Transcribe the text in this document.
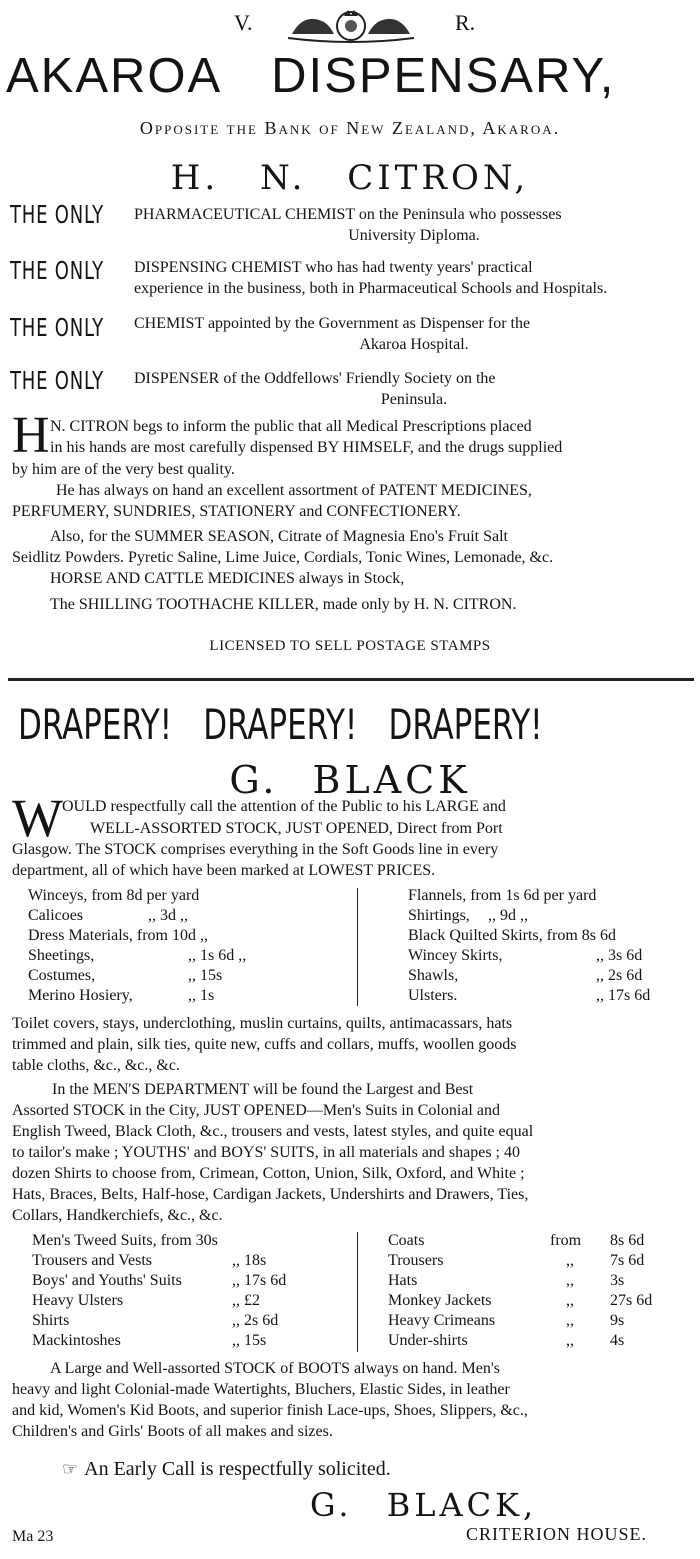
V.	R.
AKAROA DISPENSARY,
Opposite the Bank of New Zealand, Akaroa.
H. N. CITRON,
THE ONLY PHARMACEUTICAL CHEMIST on the Peninsula who possesses
University Diploma.
THE ONLY DISPENSING CHEMIST who has had twenty years' practical
experience in the business, both in Pharmaceutical Schools and Hospitals.
THE ONLY CHEMIST appointed by the Government as Dispenser for the
Akaroa Hospital.
THE ONLY DISPENSER of the Oddfellows' Friendly Society on the
Peninsula.
H N. CITRON begs to inform the public that all Medical Prescriptions placed
in his hands are most carefully dispensed BY HIMSELF, and the drugs supplied
by him are of the very best quality.
He has always on hand an excellent assortment of PATENT MEDICINES,
PERFUMERY, SUNDRIES, STATIONERY and CONFECTIONERY.
Also, for the SUMMER SEASON, Citrate of Magnesia Eno's Fruit Salt
Seidlitz Powders. Pyretic Saline, Lime Juice, Cordials, Tonic Wines, Lemonade, &c.
HORSE AND CATTLE MEDICINES always in Stock,
The SHILLING TOOTHACHE KILLER, made only by H. N. CITRON.
LICENSED TO SELL POSTAGE STAMPS
DRAPERY! DRAPERY! DRAPERY!
G. BLACK
W OULD respectfully call the attention of the Public to his LARGE and
WELL-ASSORTED STOCK, JUST OPENED, Direct from Port
Glasgow. The STOCK comprises everything in the Soft Goods line in every
department, all of which have been marked at LOWEST PRICES.
Winceys, from 8d per yard
Calicoes	,, 3d ,,
Dress Materials, from 10d ,,
Sheetings,	,, 1s 6d ,,
Costumes,	,, 15s
Merino Hosiery,	,, 1s
Flannels, from 1s 6d per yard
Shirtings, ,, 9d ,,
Black Quilted Skirts, from 8s 6d
Wincey Skirts,	,, 3s 6d
Shawls,	,, 2s 6d
Ulsters.	,, 17s 6d
Toilet covers, stays, underclothing, muslin curtains, quilts, antimacassars, hats
trimmed and plain, silk ties, quite new, cuffs and collars, muffs, woollen goods
table cloths, &c., &c., &c.
In the MEN'S DEPARTMENT will be found the Largest and Best
Assorted STOCK in the City, JUST OPENED—Men's Suits in Colonial and
English Tweed, Black Cloth, &c., trousers and vests, latest styles, and quite equal
to tailor's make ; YOUTHS' and BOYS' SUITS, in all materials and shapes ; 40
dozen Shirts to choose from, Crimean, Cotton, Union, Silk, Oxford, and White ;
Hats, Braces, Belts, Half-hose, Cardigan Jackets, Undershirts and Drawers, Ties,
Collars, Handkerchiefs, &c., &c.
Men's Tweed Suits, from 30s
Trousers and Vests	,, 18s
Boys' and Youths' Suits	,, 17s 6d
Heavy Ulsters	,, £2
Shirts	,, 2s 6d
Mackintoshes	,, 15s
Coats	from 8s 6d
Trousers	,, 7s 6d
Hats	,, 3s
Monkey Jackets	,, 27s 6d
Heavy Crimeans	,, 9s
Under-shirts	,, 4s
A Large and Well-assorted STOCK of BOOTS always on hand. Men's
heavy and light Colonial-made Watertights, Bluchers, Elastic Sides, in leather
and kid, Women's Kid Boots, and superior finish Lace-ups, Shoes, Slippers, &c.,
Children's and Girls' Boots of all makes and sizes.
☞ An Early Call is respectfully solicited.
G. BLACK,
Ma 23	CRITERION HOUSE.
